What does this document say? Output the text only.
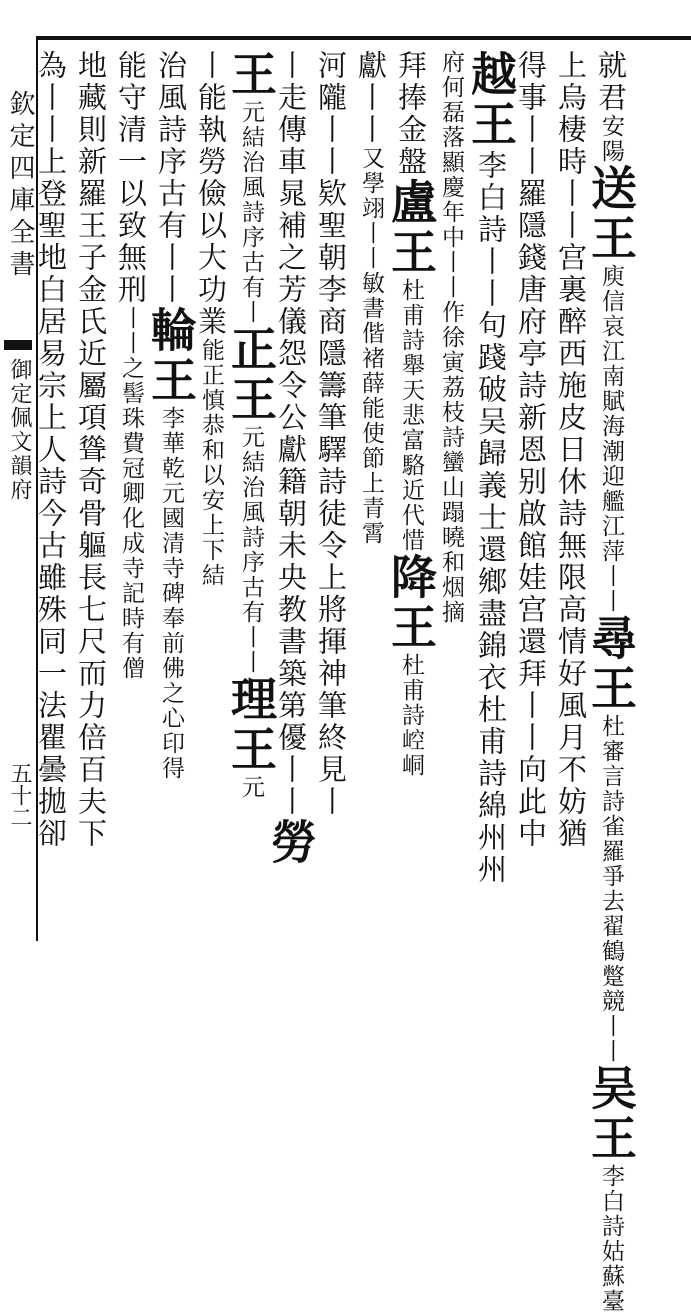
欽定四庫全書
御定佩文韻府
五十二
就君安陽送王庾信哀江南賦海潮迎艦江萍丨丨尋王杜審言詩雀羅爭去翟鶴蹩競丨丨吴王李白詩姑蘇臺
上烏棲時丨丨宫裏醉西施皮日休詩無限高情好風月不妨猶
得事丨丨羅隱錢唐府亭詩新恩别啟館娃宫還拜丨丨向此中
越王李白詩丨丨句踐破吴歸義士還鄉盡錦衣杜甫詩綿州州
府何磊落顯慶年中丨丨作徐寅荔枝詩蠻山蹋曉和烟摘
拜捧金盤盧王杜甫詩舉天悲富駱近代惜降王杜甫詩崆峒
獻丨丨又學翊丨丨敏書偕褚薛能使節上青霄
河隴丨丨欵聖朝李商隱籌筆驛詩徒令上將揮神筆終見丨
丨走傳車晁補之芳儀怨令公獻籍朝未央教書築第優丨丨勞
王元結治風詩序古有丨正王元結治風詩序古有丨丨理王元
丨能執勞儉以大功業能正慎恭和以安上下結
治風詩序古有丨丨輪王李華乾元國清寺碑奉前佛之心印得
能守清一以致無刑丨丨之髻珠費冠卿化成寺記時有僧
地藏則新羅王子金氏近屬項聳奇骨軀長七尺而力倍百夫下
為丨丨上登聖地白居易宗上人詩今古雖殊同一法瞿曇拋卻
